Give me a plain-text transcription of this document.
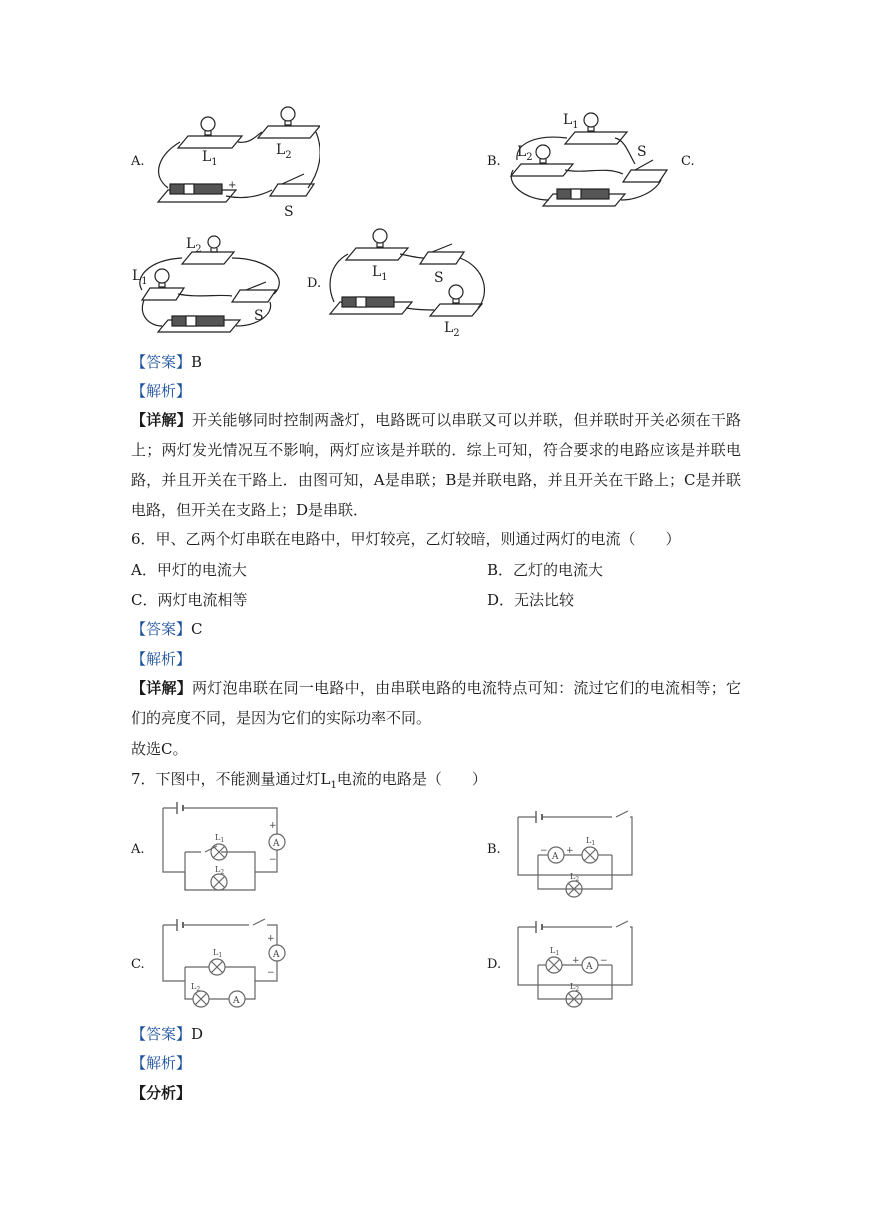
A.	$L_1$
$L_2$
S
+
B.
$L_1$
$L_2$	S
C.
$L_2$
$L_1$
S
D.
$L_1$	S
$L_2$
【答案】B
【解析】
【详解】开关能够同时控制两盏灯，电路既可以串联又可以并联，但并联时开关必须在干路上；两灯发光情况互不影响，两灯应该是并联的．综上可知，符合要求的电路应该是并联电路，并且开关在干路上．由图可知，A是串联；B是并联电路，并且开关在干路上；C是并联电路，但开关在支路上；D是串联．
6．甲、乙两个灯串联在电路中，甲灯较亮，乙灯较暗，则通过两灯的电流（　　）
A．甲灯的电流大	B．乙灯的电流大
C．两灯电流相等	D．无法比较
【答案】C
【解析】
【详解】两灯泡串联在同一电路中，由串联电路的电流特点可知：流过它们的电流相等；它们的亮度不同，是因为它们的实际功率不同。
故选C。
7．下图中，不能测量通过灯$L_1$电流的电路是（　　）
A.	A
+
−
$L_1$
$L_2$
B.	A
− +
$L_1$
$L_2$
C.
A
A
+
−
$L_1$
$L_2$
D.	A
+ −
$L_1$
$L_2$
【答案】D
【解析】
【分析】
